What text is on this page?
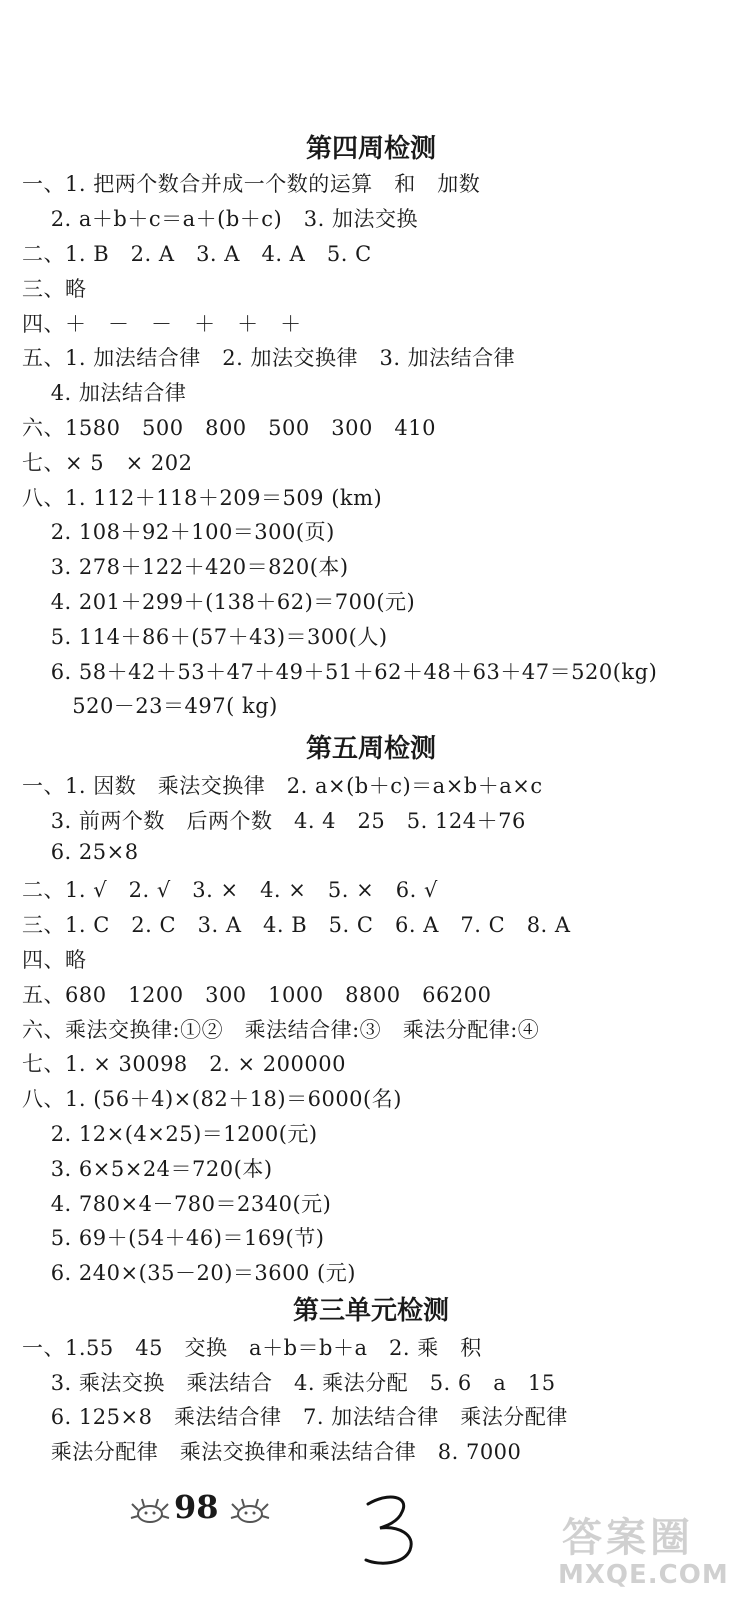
第四周检测
第五周检测
第三单元检测
一、1. 把两个数合并成一个数的运算   和   加数
2. a＋b＋c＝a＋(b＋c)   3. 加法交换
二、1. B   2. A   3. A   4. A   5. C
三、略
四、＋   －   －   ＋   ＋   ＋
五、1. 加法结合律   2. 加法交换律   3. 加法结合律
4. 加法结合律
六、1580   500   800   500   300   410
七、× 5   × 202
八、1. 112＋118＋209＝509 (km)
2. 108＋92＋100＝300(页)
3. 278＋122＋420＝820(本)
4. 201＋299＋(138＋62)＝700(元)
5. 114＋86＋(57＋43)＝300(人)
6. 58＋42＋53＋47＋49＋51＋62＋48＋63＋47＝520(kg)
520－23＝497( kg)
一、1. 因数   乘法交换律   2. a×(b＋c)＝a×b＋a×c
3. 前两个数   后两个数   4. 4   25   5. 124＋76
6. 25×8
二、1. √   2. √   3. ×   4. ×   5. ×   6. √
三、1. C   2. C   3. A   4. B   5. C   6. A   7. C   8. A
四、略
五、680   1200   300   1000   8800   66200
六、乘法交换律:①②   乘法结合律:③   乘法分配律:④
七、1. × 30098   2. × 200000
八、1. (56＋4)×(82＋18)＝6000(名)
2. 12×(4×25)＝1200(元)
3. 6×5×24＝720(本)
4. 780×4－780＝2340(元)
5. 69＋(54＋46)＝169(节)
6. 240×(35－20)＝3600 (元)
一、1.55   45   交换   a＋b＝b＋a   2. 乘   积
3. 乘法交换   乘法结合   4. 乘法分配   5. 6   a   15
6. 125×8   乘法结合律   7. 加法结合律   乘法分配律
乘法分配律   乘法交换律和乘法结合律   8. 7000
98
答案圈
MXQE.COM
